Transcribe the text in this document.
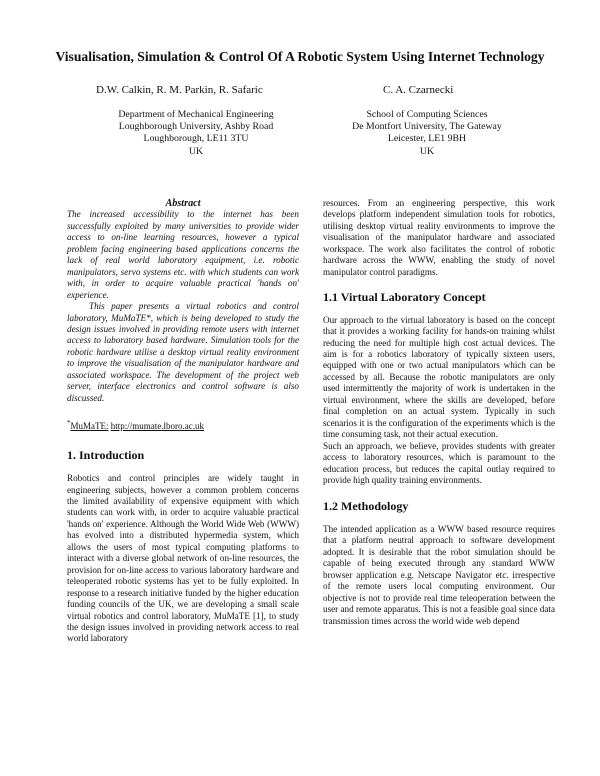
Visualisation, Simulation & Control Of A Robotic System Using Internet Technology
D.W. Calkin, R. M. Parkin, R. Safaric	C. A. Czarnecki
Department of Mechanical Engineering
Loughborough University, Ashby Road
Loughborough, LE11 3TU
UK
School of Computing Sciences
De Montfort University, The Gateway
Leicester, LE1 9BH
UK

Abstract

The increased accessibility to the internet has been successfully exploited by many universities to provide wider access to on-line learning resources, however a typical problem facing engineering based applications concerns the lack of real world laboratory equipment, i.e. robotic manipulators, servo systems etc. with which students can work with, in order to acquire valuable practical 'hands on' experience.

This paper presents a virtual robotics and control laboratory, MuMaTE*, which is being developed to study the design issues involved in providing remote users with internet access to laboratory based hardware. Simulation tools for the robotic hardware utilise a desktop virtual reality environment to improve the visualisation of the manipulator hardware and associated workspace. The development of the project web server, interface electronics and control software is also discussed.

*MuMaTE: http://mumate.lboro.ac.uk

1. Introduction

Robotics and control principles are widely taught in engineering subjects, however a common problem concerns the limited availability of expensive equipment with which students can work with, in order to acquire valuable practical 'hands on' experience. Although the World Wide Web (WWW) has evolved into a distributed hypermedia system, which allows the users of most typical computing platforms to interact with a diverse global network of on-line resources, the provision for on-line access to various laboratory hardware and teleoperated robotic systems has yet to be fully exploited. In response to a research initiative funded by the higher education funding councils of the UK, we are developing a small scale virtual robotics and control laboratory, MuMaTE [1], to study the design issues involved in providing network access to real world laboratory

resources. From an engineering perspective, this work develops platform independent simulation tools for robotics, utilising desktop virtual reality environments to improve the visualisation of the manipulator hardware and associated workspace. The work also facilitates the control of robotic hardware across the WWW, enabling the study of novel manipulator control paradigms.

1.1 Virtual Laboratory Concept

Our approach to the virtual laboratory is based on the concept that it provides a working facility for hands-on training whilst reducing the need for multiple high cost actual devices. The aim is for a robotics laboratory of typically sixteen users, equipped with one or two actual manipulators which can be accessed by all. Because the robotic manipulators are only used intermittently the majority of work is undertaken in the virtual environment, where the skills are developed, before final completion on an actual system. Typically in such scenarios it is the configuration of the experiments which is the time consuming task, not their actual execution.

Such an approach, we believe, provides students with greater access to laboratory resources, which is paramount to the education process, but reduces the capital outlay required to provide high quality training environments.

1.2 Methodology

The intended application as a WWW based resource requires that a platform neutral approach to software development adopted. It is desirable that the robot simulation should be capable of being executed through any standard WWW browser application e.g. Netscape Navigator etc. irrespective of the remote users local computing environment. Our objective is not to provide real time teleoperation between the user and remote apparatus. This is not a feasible goal since data transmission times across the world wide web depend
